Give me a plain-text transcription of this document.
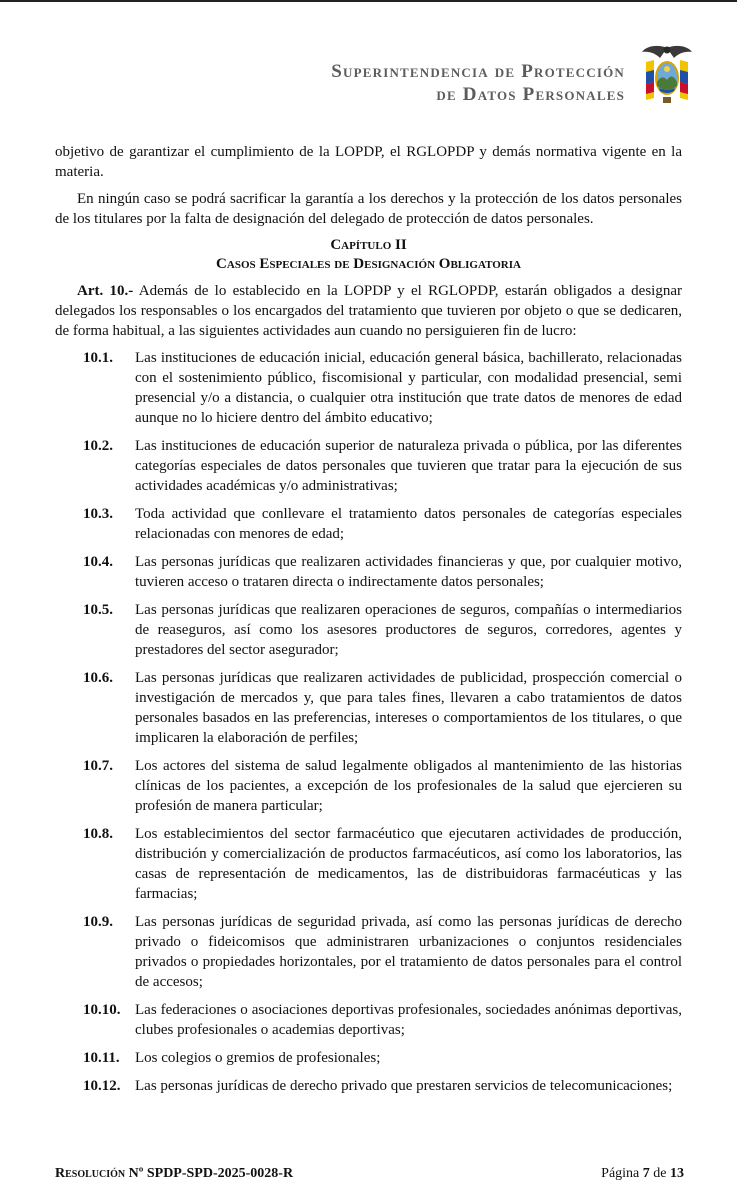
Superintendencia de Protección
de Datos Personales

objetivo de garantizar el cumplimiento de la LOPDP, el RGLOPDP y demás normativa vigente en la materia.

En ningún caso se podrá sacrificar la garantía a los derechos y la protección de los datos personales de los titulares por la falta de designación del delegado de protección de datos personales.

Capítulo II
Casos Especiales de Designación Obligatoria

Art. 10.- Además de lo establecido en la LOPDP y el RGLOPDP, estarán obligados a designar delegados los responsables o los encargados del tratamiento que tuvieren por objeto o que se dedicaren, de forma habitual, a las siguientes actividades aun cuando no persiguieren fin de lucro:

10.1.	Las instituciones de educación inicial, educación general básica, bachillerato, relacionadas con el sostenimiento público, fiscomisional y particular, con modalidad presencial, semi presencial y/o a distancia, o cualquier otra institución que trate datos de menores de edad aunque no lo hiciere dentro del ámbito educativo;
10.2.	Las instituciones de educación superior de naturaleza privada o pública, por las diferentes categorías especiales de datos personales que tuvieren que tratar para la ejecución de sus actividades académicas y/o administrativas;
10.3.	Toda actividad que conllevare el tratamiento datos personales de categorías especiales relacionadas con menores de edad;
10.4.	Las personas jurídicas que realizaren actividades financieras y que, por cualquier motivo, tuvieren acceso o trataren directa o indirectamente datos personales;
10.5.	Las personas jurídicas que realizaren operaciones de seguros, compañías o intermediarios de reaseguros, así como los asesores productores de seguros, corredores, agentes y prestadores del sector asegurador;
10.6.	Las personas jurídicas que realizaren actividades de publicidad, prospección comercial o investigación de mercados y, que para tales fines, llevaren a cabo tratamientos de datos personales basados en las preferencias, intereses o comportamientos de los titulares, o que implicaren la elaboración de perfiles;
10.7.	Los actores del sistema de salud legalmente obligados al mantenimiento de las historias clínicas de los pacientes, a excepción de los profesionales de la salud que ejercieren su profesión de manera particular;
10.8.	Los establecimientos del sector farmacéutico que ejecutaren actividades de producción, distribución y comercialización de productos farmacéuticos, así como los laboratorios, las casas de representación de medicamentos, las de distribuidoras farmacéuticas y las farmacias;
10.9.	Las personas jurídicas de seguridad privada, así como las personas jurídicas de derecho privado o fideicomisos que administraren urbanizaciones o conjuntos residenciales privados o propiedades horizontales, por el tratamiento de datos personales para el control de accesos;
10.10. Las federaciones o asociaciones deportivas profesionales, sociedades anónimas deportivas, clubes profesionales o academias deportivas;
10.11.	Los colegios o gremios de profesionales;
10.12. Las personas jurídicas de derecho privado que prestaren servicios de telecomunicaciones;
Resolución Nº SPDP-SPD-2025-0028-R	Página 7 de 13
